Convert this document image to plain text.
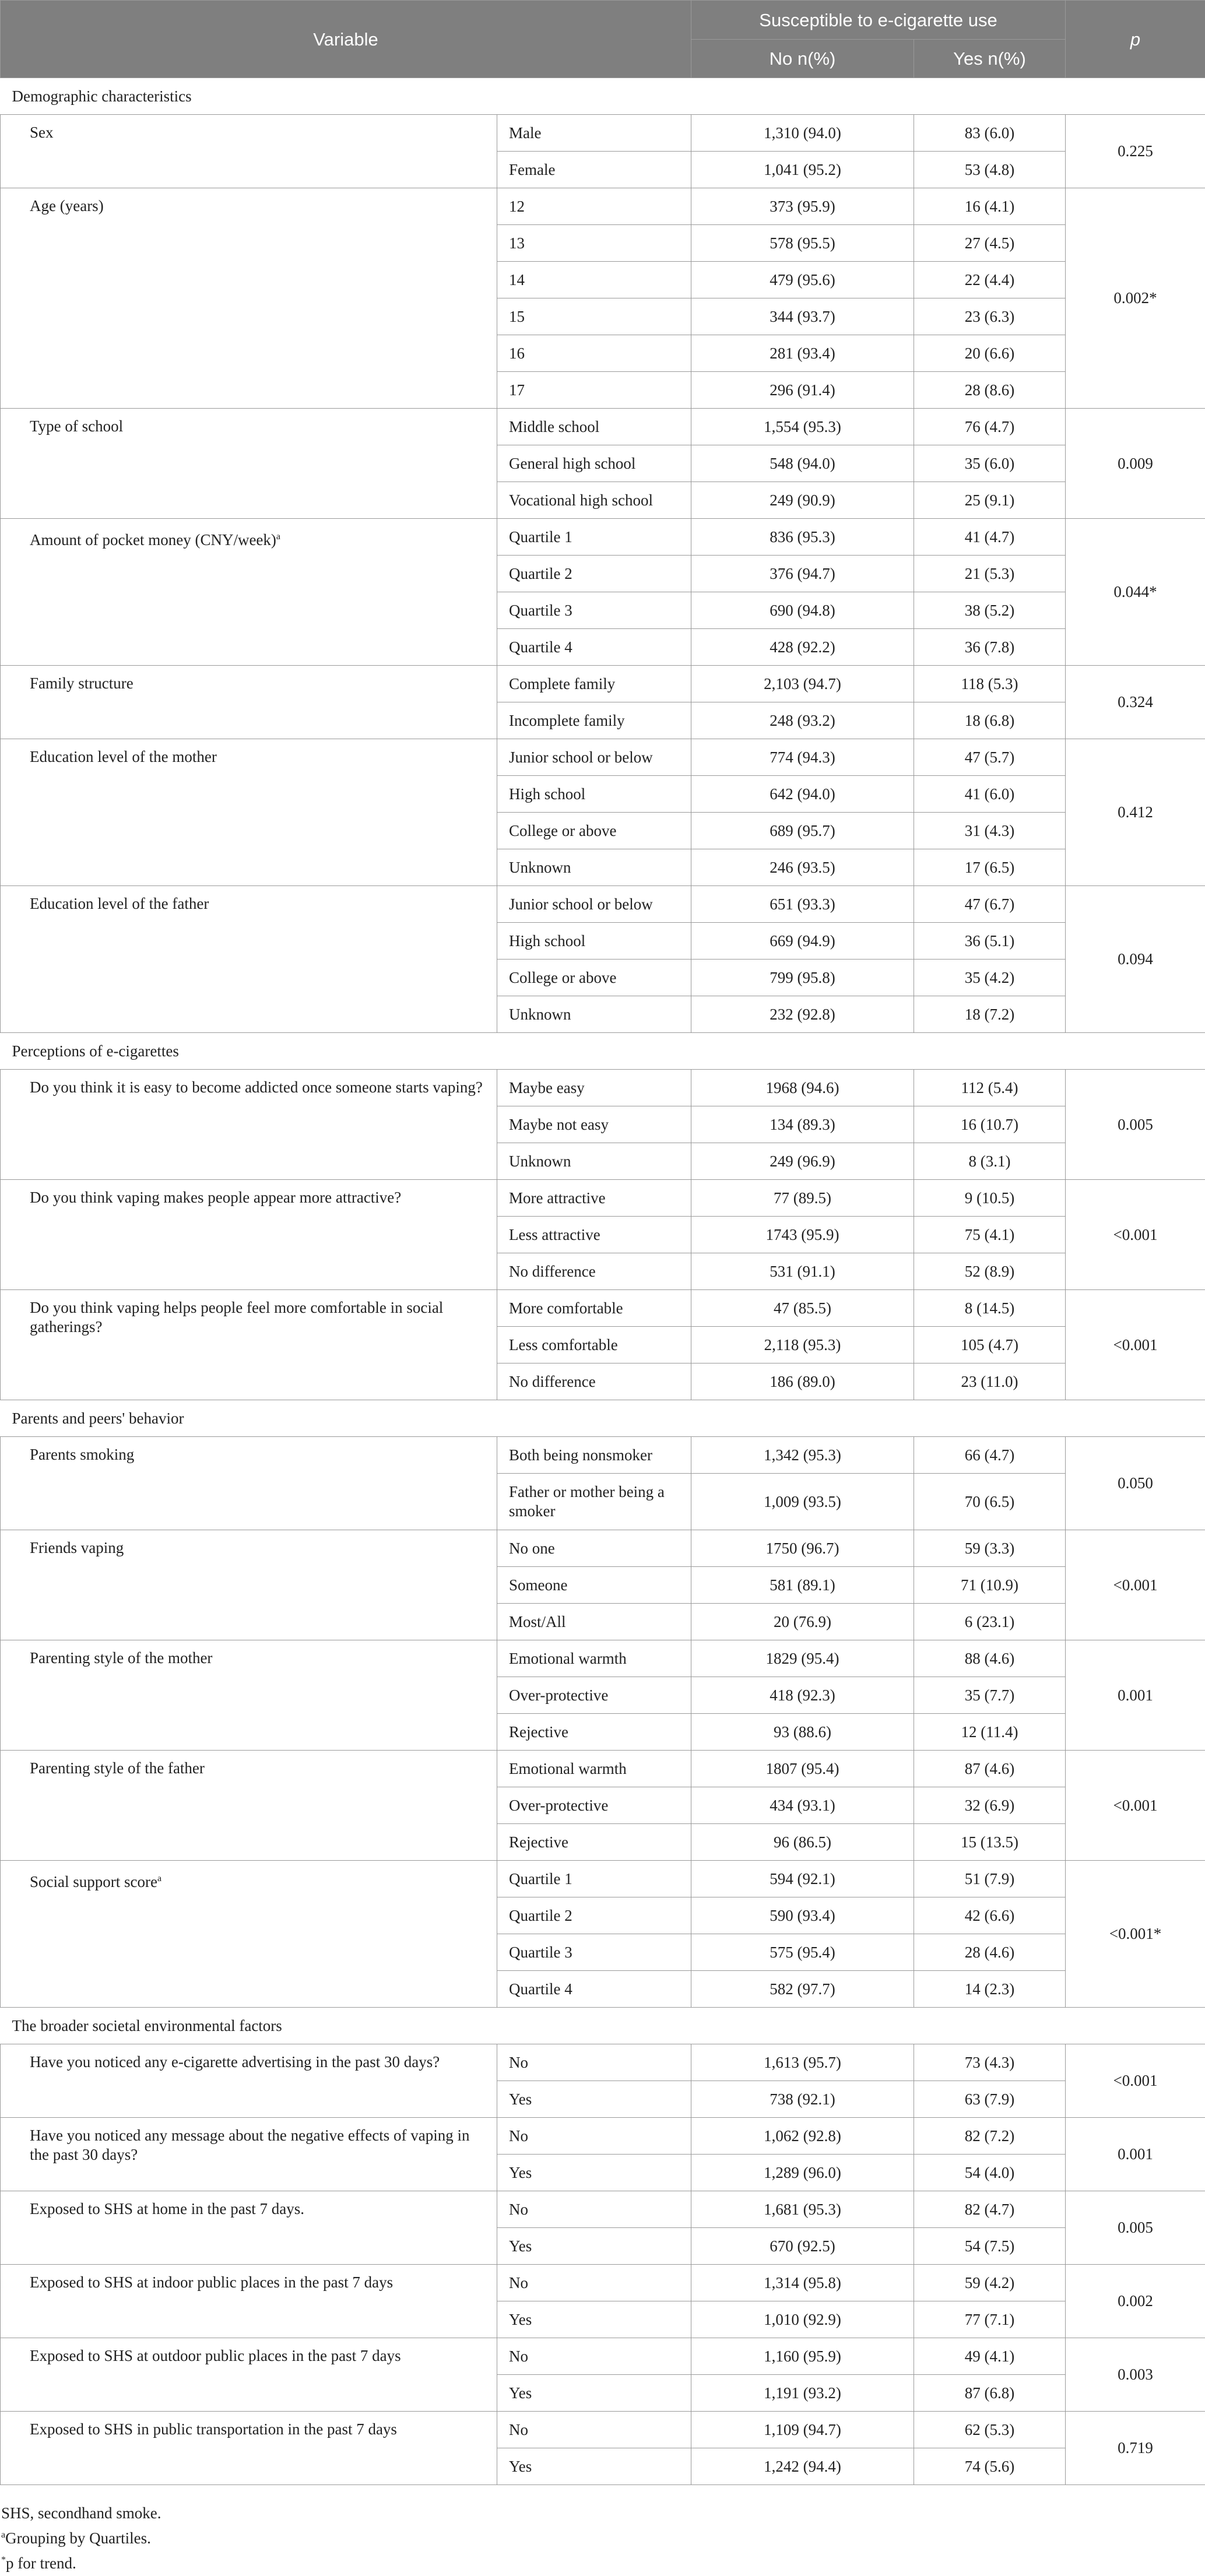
Variable		Susceptible to e-cigarette use		p
		No n(%)	Yes n(%)	
Demographic characteristics				
Sex	Male	1,310 (94.0)	83 (6.0)	0.225
	Female	1,041 (95.2)	53 (4.8)	
Age (years)	12	373 (95.9)	16 (4.1)	0.002*
	13	578 (95.5)	27 (4.5)	
	14	479 (95.6)	22 (4.4)	
	15	344 (93.7)	23 (6.3)	
	16	281 (93.4)	20 (6.6)	
	17	296 (91.4)	28 (8.6)	
Type of school	Middle school	1,554 (95.3)	76 (4.7)	0.009
	General high school	548 (94.0)	35 (6.0)	
	Vocational high school	249 (90.9)	25 (9.1)	
Amount of pocket money (CNY/week)$^a$	Quartile 1	836 (95.3)	41 (4.7)	0.044*
	Quartile 2	376 (94.7)	21 (5.3)	
	Quartile 3	690 (94.8)	38 (5.2)	
	Quartile 4	428 (92.2)	36 (7.8)	
Family structure	Complete family	2,103 (94.7)	118 (5.3)	0.324
	Incomplete family	248 (93.2)	18 (6.8)	
Education level of the mother	Junior school or below	774 (94.3)	47 (5.7)	0.412
	High school	642 (94.0)	41 (6.0)	
	College or above	689 (95.7)	31 (4.3)	
	Unknown	246 (93.5)	17 (6.5)	
Education level of the father	Junior school or below	651 (93.3)	47 (6.7)	0.094
	High school	669 (94.9)	36 (5.1)	
	College or above	799 (95.8)	35 (4.2)	
	Unknown	232 (92.8)	18 (7.2)	
Perceptions of e-cigarettes				
Do you think it is easy to become addicted once someone starts vaping?	Maybe easy	1968 (94.6)	112 (5.4)	0.005
	Maybe not easy	134 (89.3)	16 (10.7)	
	Unknown	249 (96.9)	8 (3.1)	
Do you think vaping makes people appear more attractive?	More attractive	77 (89.5)	9 (10.5)	<0.001
	Less attractive	1743 (95.9)	75 (4.1)	
	No difference	531 (91.1)	52 (8.9)	
Do you think vaping helps people feel more comfortable in social gatherings?	More comfortable	47 (85.5)	8 (14.5)	<0.001
	Less comfortable	2,118 (95.3)	105 (4.7)	
	No difference	186 (89.0)	23 (11.0)	
Parents and peers' behavior				
Parents smoking	Both being nonsmoker	1,342 (95.3)	66 (4.7)	0.050
	Father or mother being a smoker	1,009 (93.5)	70 (6.5)	
Friends vaping	No one	1750 (96.7)	59 (3.3)	<0.001
	Someone	581 (89.1)	71 (10.9)	
	Most/All	20 (76.9)	6 (23.1)	
Parenting style of the mother	Emotional warmth	1829 (95.4)	88 (4.6)	0.001
	Over-protective	418 (92.3)	35 (7.7)	
	Rejective	93 (88.6)	12 (11.4)	
Parenting style of the father	Emotional warmth	1807 (95.4)	87 (4.6)	<0.001
	Over-protective	434 (93.1)	32 (6.9)	
	Rejective	96 (86.5)	15 (13.5)	
Social support score$^a$	Quartile 1	594 (92.1)	51 (7.9)	<0.001*
	Quartile 2	590 (93.4)	42 (6.6)	
	Quartile 3	575 (95.4)	28 (4.6)	
	Quartile 4	582 (97.7)	14 (2.3)	
The broader societal environmental factors				
Have you noticed any e-cigarette advertising in the past 30 days?	No	1,613 (95.7)	73 (4.3)	<0.001
	Yes	738 (92.1)	63 (7.9)	
Have you noticed any message about the negative effects of vaping in the past 30 days?	No	1,062 (92.8)	82 (7.2)	0.001
	Yes	1,289 (96.0)	54 (4.0)	
Exposed to SHS at home in the past 7 days.	No	1,681 (95.3)	82 (4.7)	0.005
	Yes	670 (92.5)	54 (7.5)	
Exposed to SHS at indoor public places in the past 7 days	No	1,314 (95.8)	59 (4.2)	0.002
	Yes	1,010 (92.9)	77 (7.1)	
Exposed to SHS at outdoor public places in the past 7 days	No	1,160 (95.9)	49 (4.1)	0.003
	Yes	1,191 (93.2)	87 (6.8)	
Exposed to SHS in public transportation in the past 7 days	No	1,109 (94.7)	62 (5.3)	0.719
	Yes	1,242 (94.4)	74 (5.6)	
SHS, secondhand smoke.
$^a$Grouping by Quartiles.
*p for trend.
